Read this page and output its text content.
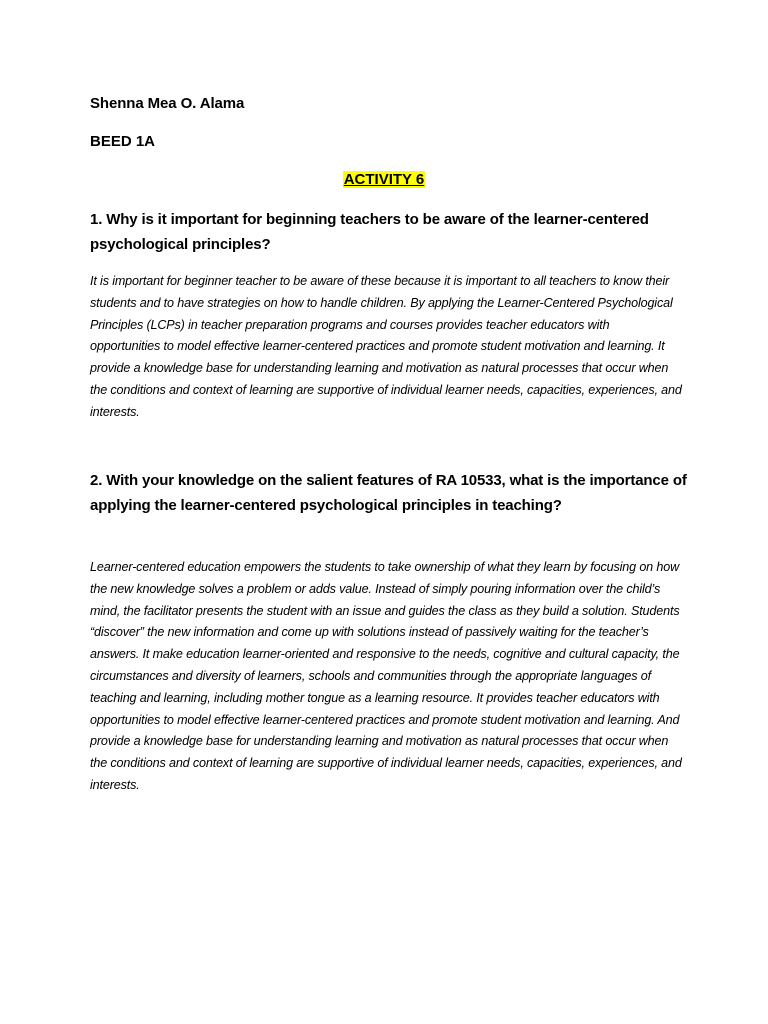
Shenna Mea O. Alama
BEED 1A
ACTIVITY 6
1. Why is it important for beginning teachers to be aware of the learner-centered psychological principles?
It is important for beginner teacher to be aware of these because it is important to all teachers to know their students and to have strategies on how to handle children. By applying the Learner-Centered Psychological Principles (LCPs) in teacher preparation programs and courses provides teacher educators with opportunities to model effective learner-centered practices and promote student motivation and learning. It provide a knowledge base for understanding learning and motivation as natural processes that occur when the conditions and context of learning are supportive of individual learner needs, capacities, experiences, and interests.
2. With your knowledge on the salient features of RA 10533, what is the importance of applying the learner-centered psychological principles in teaching?
Learner-centered education empowers the students to take ownership of what they learn by focusing on how the new knowledge solves a problem or adds value. Instead of simply pouring information over the child’s mind, the facilitator presents the student with an issue and guides the class as they build a solution. Students “discover” the new information and come up with solutions instead of passively waiting for the teacher’s answers. It make education learner-oriented and responsive to the needs, cognitive and cultural capacity, the circumstances and diversity of learners, schools and communities through the appropriate languages of teaching and learning, including mother tongue as a learning resource. It provides teacher educators with opportunities to model effective learner-centered practices and promote student motivation and learning. And provide a knowledge base for understanding learning and motivation as natural processes that occur when the conditions and context of learning are supportive of individual learner needs, capacities, experiences, and interests.
